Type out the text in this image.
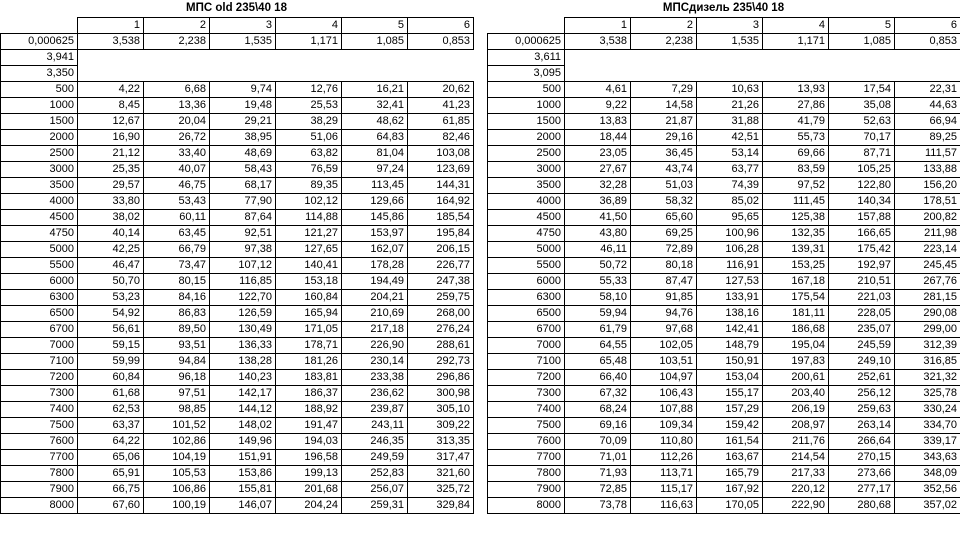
МПС old 235\40 18
	1	2	3	4	5	6
0,000625	3,538	2,238	1,535	1,171	1,085	0,853
3,941						
3,350						
500	4,22	6,68	9,74	12,76	16,21	20,62
1000	8,45	13,36	19,48	25,53	32,41	41,23
1500	12,67	20,04	29,21	38,29	48,62	61,85
2000	16,90	26,72	38,95	51,06	64,83	82,46
2500	21,12	33,40	48,69	63,82	81,04	103,08
3000	25,35	40,07	58,43	76,59	97,24	123,69
3500	29,57	46,75	68,17	89,35	113,45	144,31
4000	33,80	53,43	77,90	102,12	129,66	164,92
4500	38,02	60,11	87,64	114,88	145,86	185,54
4750	40,14	63,45	92,51	121,27	153,97	195,84
5000	42,25	66,79	97,38	127,65	162,07	206,15
5500	46,47	73,47	107,12	140,41	178,28	226,77
6000	50,70	80,15	116,85	153,18	194,49	247,38
6300	53,23	84,16	122,70	160,84	204,21	259,75
6500	54,92	86,83	126,59	165,94	210,69	268,00
6700	56,61	89,50	130,49	171,05	217,18	276,24
7000	59,15	93,51	136,33	178,71	226,90	288,61
7100	59,99	94,84	138,28	181,26	230,14	292,73
7200	60,84	96,18	140,23	183,81	233,38	296,86
7300	61,68	97,51	142,17	186,37	236,62	300,98
7400	62,53	98,85	144,12	188,92	239,87	305,10
7500	63,37	101,52	148,02	191,47	243,11	309,22
7600	64,22	102,86	149,96	194,03	246,35	313,35
7700	65,06	104,19	151,91	196,58	249,59	317,47
7800	65,91	105,53	153,86	199,13	252,83	321,60
7900	66,75	106,86	155,81	201,68	256,07	325,72
8000	67,60	100,19	146,07	204,24	259,31	329,84
МПСдизель 235\40 18
	1	2	3	4	5	6
0,000625	3,538	2,238	1,535	1,171	1,085	0,853
3,611						
3,095						
500	4,61	7,29	10,63	13,93	17,54	22,31
1000	9,22	14,58	21,26	27,86	35,08	44,63
1500	13,83	21,87	31,88	41,79	52,63	66,94
2000	18,44	29,16	42,51	55,73	70,17	89,25
2500	23,05	36,45	53,14	69,66	87,71	111,57
3000	27,67	43,74	63,77	83,59	105,25	133,88
3500	32,28	51,03	74,39	97,52	122,80	156,20
4000	36,89	58,32	85,02	111,45	140,34	178,51
4500	41,50	65,60	95,65	125,38	157,88	200,82
4750	43,80	69,25	100,96	132,35	166,65	211,98
5000	46,11	72,89	106,28	139,31	175,42	223,14
5500	50,72	80,18	116,91	153,25	192,97	245,45
6000	55,33	87,47	127,53	167,18	210,51	267,76
6300	58,10	91,85	133,91	175,54	221,03	281,15
6500	59,94	94,76	138,16	181,11	228,05	290,08
6700	61,79	97,68	142,41	186,68	235,07	299,00
7000	64,55	102,05	148,79	195,04	245,59	312,39
7100	65,48	103,51	150,91	197,83	249,10	316,85
7200	66,40	104,97	153,04	200,61	252,61	321,32
7300	67,32	106,43	155,17	203,40	256,12	325,78
7400	68,24	107,88	157,29	206,19	259,63	330,24
7500	69,16	109,34	159,42	208,97	263,14	334,70
7600	70,09	110,80	161,54	211,76	266,64	339,17
7700	71,01	112,26	163,67	214,54	270,15	343,63
7800	71,93	113,71	165,79	217,33	273,66	348,09
7900	72,85	115,17	167,92	220,12	277,17	352,56
8000	73,78	116,63	170,05	222,90	280,68	357,02
